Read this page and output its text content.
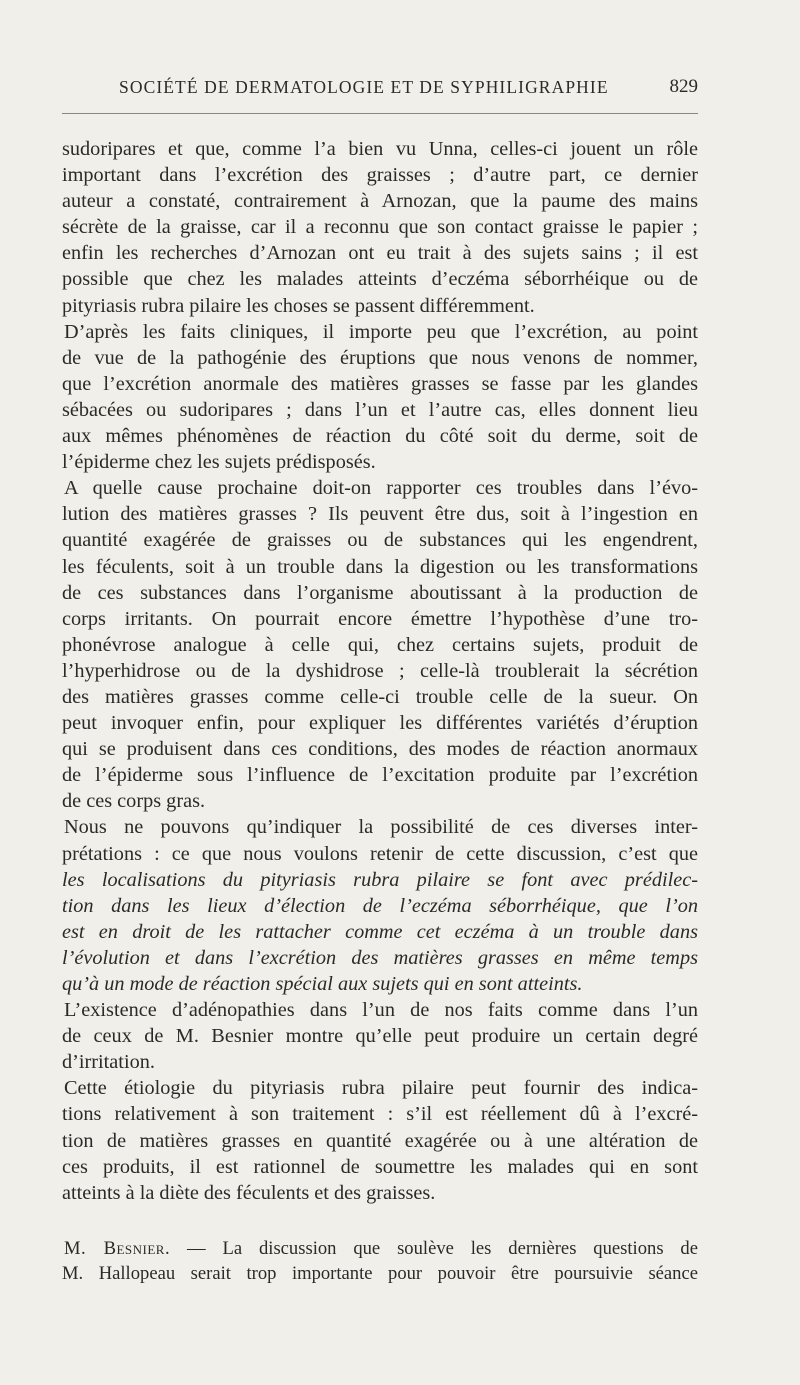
SOCIÉTÉ DE DERMATOLOGIE ET DE SYPHILIGRAPHIE	829
sudoripares et que, comme l’a bien vu Unna, celles-ci jouent un rôle
important dans l’excrétion des graisses ; d’autre part, ce dernier
auteur a constaté, contrairement à Arnozan, que la paume des mains
sécrète de la graisse, car il a reconnu que son contact graisse le papier ;
enfin les recherches d’Arnozan ont eu trait à des sujets sains ; il est
possible que chez les malades atteints d’eczéma séborrhéique ou de
pityriasis rubra pilaire les choses se passent différemment.
D’après les faits cliniques, il importe peu que l’excrétion, au point
de vue de la pathogénie des éruptions que nous venons de nommer,
que l’excrétion anormale des matières grasses se fasse par les glandes
sébacées ou sudoripares ; dans l’un et l’autre cas, elles donnent lieu
aux mêmes phénomènes de réaction du côté soit du derme, soit de
l’épiderme chez les sujets prédisposés.
A quelle cause prochaine doit-on rapporter ces troubles dans l’évo-
lution des matières grasses ? Ils peuvent être dus, soit à l’ingestion en
quantité exagérée de graisses ou de substances qui les engendrent,
les féculents, soit à un trouble dans la digestion ou les transformations
de ces substances dans l’organisme aboutissant à la production de
corps irritants. On pourrait encore émettre l’hypothèse d’une tro-
phonévrose analogue à celle qui, chez certains sujets, produit de
l’hyperhidrose ou de la dyshidrose ; celle-là troublerait la sécrétion
des matières grasses comme celle-ci trouble celle de la sueur. On
peut invoquer enfin, pour expliquer les différentes variétés d’éruption
qui se produisent dans ces conditions, des modes de réaction anormaux
de l’épiderme sous l’influence de l’excitation produite par l’excrétion
de ces corps gras.
Nous ne pouvons qu’indiquer la possibilité de ces diverses inter-
prétations : ce que nous voulons retenir de cette discussion, c’est que
les localisations du pityriasis rubra pilaire se font avec prédilec-
tion dans les lieux d’élection de l’eczéma séborrhéique, que l’on
est en droit de les rattacher comme cet eczéma à un trouble dans
l’évolution et dans l’excrétion des matières grasses en même temps
qu’à un mode de réaction spécial aux sujets qui en sont atteints.
L’existence d’adénopathies dans l’un de nos faits comme dans l’un
de ceux de M. Besnier montre qu’elle peut produire un certain degré
d’irritation.
Cette étiologie du pityriasis rubra pilaire peut fournir des indica-
tions relativement à son traitement : s’il est réellement dû à l’excré-
tion de matières grasses en quantité exagérée ou à une altération de
ces produits, il est rationnel de soumettre les malades qui en sont
atteints à la diète des féculents et des graisses.
M. Besnier. — La discussion que soulève les dernières questions de
M. Hallopeau serait trop importante pour pouvoir être poursuivie séance
